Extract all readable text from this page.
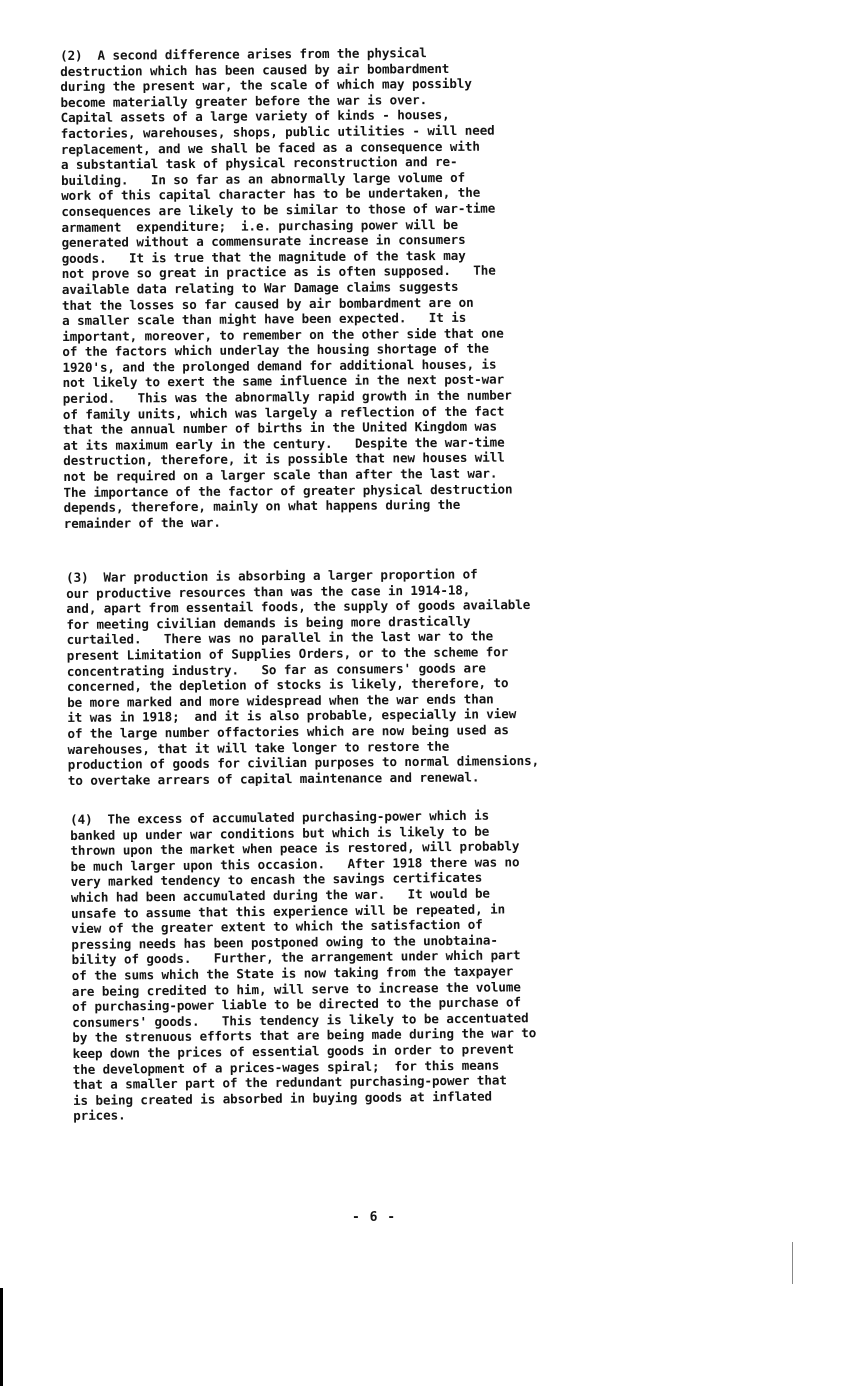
(2)  A second difference arises from the physical
destruction which has been caused by air bombardment
during the present war, the scale of which may possibly
become materially greater before the war is over.
Capital assets of a large variety of kinds - houses,
factories, warehouses, shops, public utilities - will need
replacement, and we shall be faced as a consequence with
a substantial task of physical reconstruction and re-
building.   In so far as an abnormally large volume of
work of this capital character has to be undertaken, the
consequences are likely to be similar to those of war-time
armament  expenditure;  i.e. purchasing power will be
generated without a commensurate increase in consumers
goods.   It is true that the magnitude of the task may
not prove so great in practice as is often supposed.   The
available data relating to War Damage claims suggests
that the losses so far caused by air bombardment are on
a smaller scale than might have been expected.   It is
important, moreover, to remember on the other side that one
of the factors which underlay the housing shortage of the
1920's, and the prolonged demand for additional houses, is
not likely to exert the same influence in the next post-war
period.   This was the abnormally rapid growth in the number
of family units, which was largely a reflection of the fact
that the annual number of births in the United Kingdom was
at its maximum early in the century.   Despite the war-time
destruction, therefore, it is possible that new houses will
not be required on a larger scale than after the last war.
The importance of the factor of greater physical destruction
depends, therefore, mainly on what happens during the
remainder of the war.
(3)  War production is absorbing a larger proportion of
our productive resources than was the case in 1914-18,
and, apart from essentail foods, the supply of goods available
for meeting civilian demands is being more drastically
curtailed.   There was no parallel in the last war to the
present Limitation of Supplies Orders, or to the scheme for
concentrating industry.   So far as consumers' goods are
concerned, the depletion of stocks is likely, therefore, to
be more marked and more widespread when the war ends than
it was in 1918;  and it is also probable, especially in view
of the large number offactories which are now being used as
warehouses, that it will take longer to restore the
production of goods for civilian purposes to normal dimensions,
to overtake arrears of capital maintenance and renewal.
(4)  The excess of accumulated purchasing-power which is
banked up under war conditions but which is likely to be
thrown upon the market when peace is restored, will probably
be much larger upon this occasion.   After 1918 there was no
very marked tendency to encash the savings certificates
which had been accumulated during the war.   It would be
unsafe to assume that this experience will be repeated, in
view of the greater extent to which the satisfaction of
pressing needs has been postponed owing to the unobtaina-
bility of goods.   Further, the arrangement under which part
of the sums which the State is now taking from the taxpayer
are being credited to him, will serve to increase the volume
of purchasing-power liable to be directed to the purchase of
consumers' goods.   This tendency is likely to be accentuated
by the strenuous efforts that are being made during the war to
keep down the prices of essential goods in order to prevent
the development of a prices-wages spiral;  for this means
that a smaller part of the redundant purchasing-power that
is being created is absorbed in buying goods at inflated
prices.
- 6 -
